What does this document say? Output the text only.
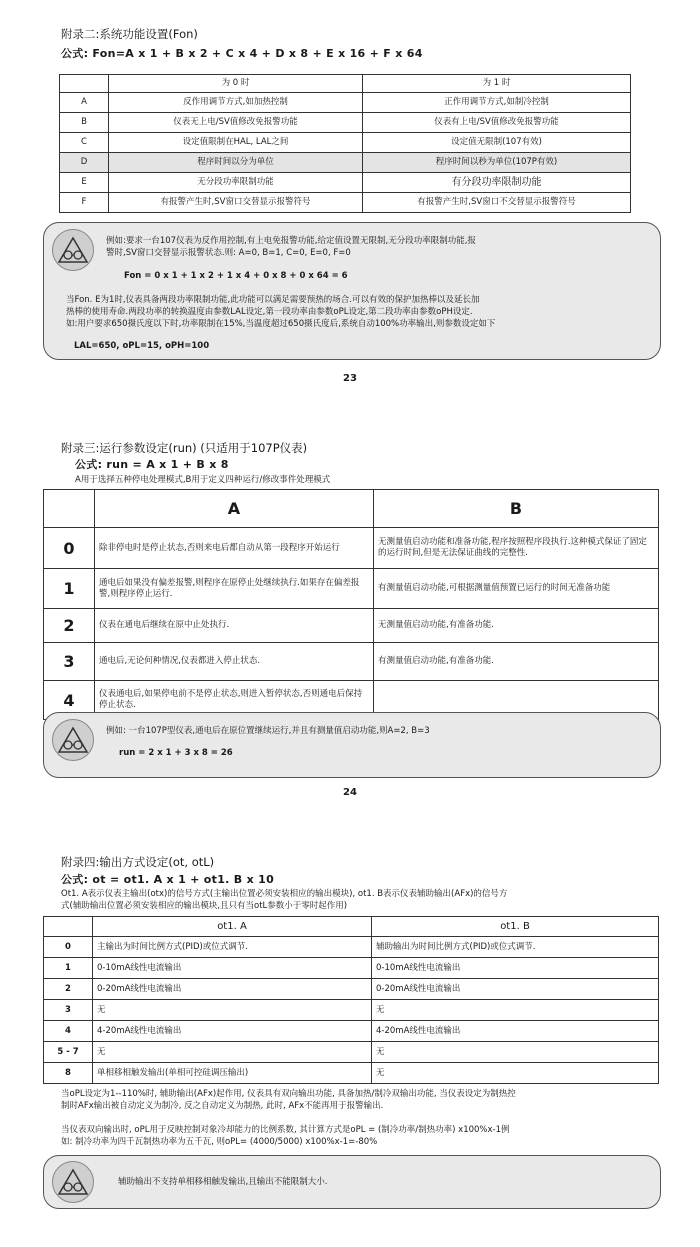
附录二:系统功能设置(Fon)
公式: Fon=A x 1 + B x 2 + C x 4 + D x 8 + E x 16 + F x 64
	为 0 时	为 1 时
A	反作用调节方式,如加热控制	正作用调节方式,如制冷控制
B	仪表无上电/SV值修改免报警功能	仪表有上电/SV值修改免报警功能
C	设定值限制在HAL, LAL之间	设定值无限制(107有效)
D	程序时间以分为单位	程序时间以秒为单位(107P有效)
E	无分段功率限制功能	有分段功率限制功能
F	有报警产生时,SV窗口交替显示报警符号	有报警产生时,SV窗口不交替显示报警符号
例如:要求一台107仪表为反作用控制,有上电免报警功能,给定值设置无限制,无分段功率限制功能,报
警时,SV窗口交替显示报警状态.则: A=0, B=1, C=0, E=0, F=0
Fon = 0 x 1 + 1 x 2 + 1 x 4 + 0 x 8 + 0 x 64 = 6
当Fon. E为1时,仪表具备两段功率限制功能,此功能可以满足需要预热的场合.可以有效的保护加热棒以及延长加
热棒的使用寿命.两段功率的转换温度由参数LAL设定,第一段功率由参数oPL设定,第二段功率由参数oPH设定.
如:用户要求650摄氏度以下时,功率限制在15%,当温度超过650摄氏度后,系统自动100%功率输出,则参数设定如下
LAL=650, oPL=15, oPH=100
23
附录三:运行参数设定(run) (只适用于107P仪表)
公式: run = A x 1 + B x 8
A用于选择五种停电处理模式,B用于定义四种运行/修改事件处理模式
	A	B
0	除非停电时是停止状态,否则来电后都自动从第一段程序开始运行	无测量值启动功能和准备功能,程序按照程序段执行.这种模式保证了固定的运行时间,但是无法保证曲线的完整性.
1	通电后如果没有偏差报警,则程序在原停止处继续执行.如果存在偏差报警,则程序停止运行.	有测量值启动功能,可根据测量值预置已运行的时间无准备功能
2	仪表在通电后继续在原中止处执行.	无测量值启动功能,有准备功能.
3	通电后,无论何种情况,仪表都进入停止状态.	有测量值启动功能,有准备功能.
4	仪表通电后,如果停电前不是停止状态,则进入暂停状态,否则通电后保持停止状态.	
例如: 一台107P型仪表,通电后在原位置继续运行,并且有测量值启动功能,则A=2, B=3
run = 2 x 1 + 3 x 8 = 26
24
附录四:输出方式设定(ot, otL)
公式: ot = ot1. A x 1 + ot1. B x 10
Ot1. A表示仪表主输出(otx)的信号方式(主输出位置必须安装相应的输出模块), ot1. B表示仪表辅助输出(AFx)的信号方
式(辅助输出位置必须安装相应的输出模块,且只有当otL参数小于零时起作用)
	ot1. A	ot1. B
0	主输出为时间比例方式(PID)或位式调节.	辅助输出为时间比例方式(PID)或位式调节.
1	0-10mA线性电流输出	0-10mA线性电流输出
2	0-20mA线性电流输出	0-20mA线性电流输出
3	无	无
4	4-20mA线性电流输出	4-20mA线性电流输出
5 - 7	无	无
8	单相移相触发输出(单相可控硅调压输出)	无
当oPL设定为1--110%时, 辅助输出(AFx)起作用, 仪表具有双向输出功能, 具备加热/制冷双输出功能, 当仪表设定为制热控
制时AFx输出被自动定义为制冷, 反之自动定义为制热, 此时, AFx不能再用于报警输出.
当仪表双向输出时, oPL用于反映控制对象冷却能力的比例系数, 其计算方式是oPL = (制冷功率/制热功率) x100%x-1例
如: 制冷功率为四千瓦制热功率为五千瓦, 则oPL= (4000/5000) x100%x-1=-80%
辅助输出不支持单相移相触发输出,且输出不能限制大小.
